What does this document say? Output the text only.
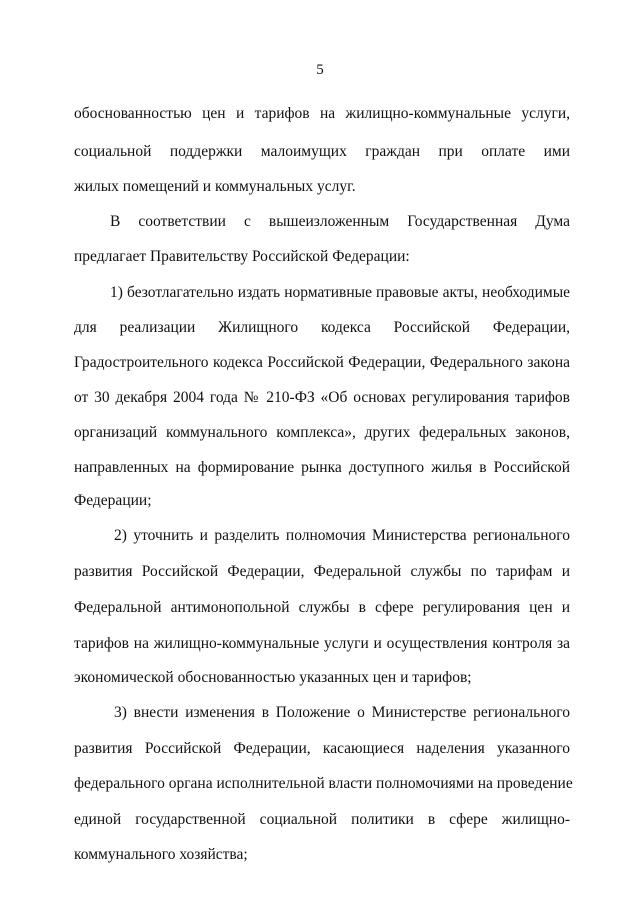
5
обоснованностью цен и тарифов на жилищно-коммунальные услуги,
социальной поддержки малоимущих граждан при оплате ими
жилых помещений и коммунальных услуг.
В соответствии с вышеизложенным Государственная Дума
предлагает Правительству Российской Федерации:
1) безотлагательно издать нормативные правовые акты, необходимые
для реализации Жилищного кодекса Российской Федерации,
Градостроительного кодекса Российской Федерации, Федерального закона
от 30 декабря 2004 года № 210-ФЗ «Об основах регулирования тарифов
организаций коммунального комплекса», других федеральных законов,
направленных на формирование рынка доступного жилья в Российской
Федерации;
2) уточнить и разделить полномочия Министерства регионального
развития Российской Федерации, Федеральной службы по тарифам и
Федеральной антимонопольной службы в сфере регулирования цен и
тарифов на жилищно-коммунальные услуги и осуществления контроля за
экономической обоснованностью указанных цен и тарифов;
3) внести изменения в Положение о Министерстве регионального
развития Российской Федерации, касающиеся наделения указанного
федерального органа исполнительной власти полномочиями на проведение
единой государственной социальной политики в сфере жилищно-
коммунального хозяйства;
